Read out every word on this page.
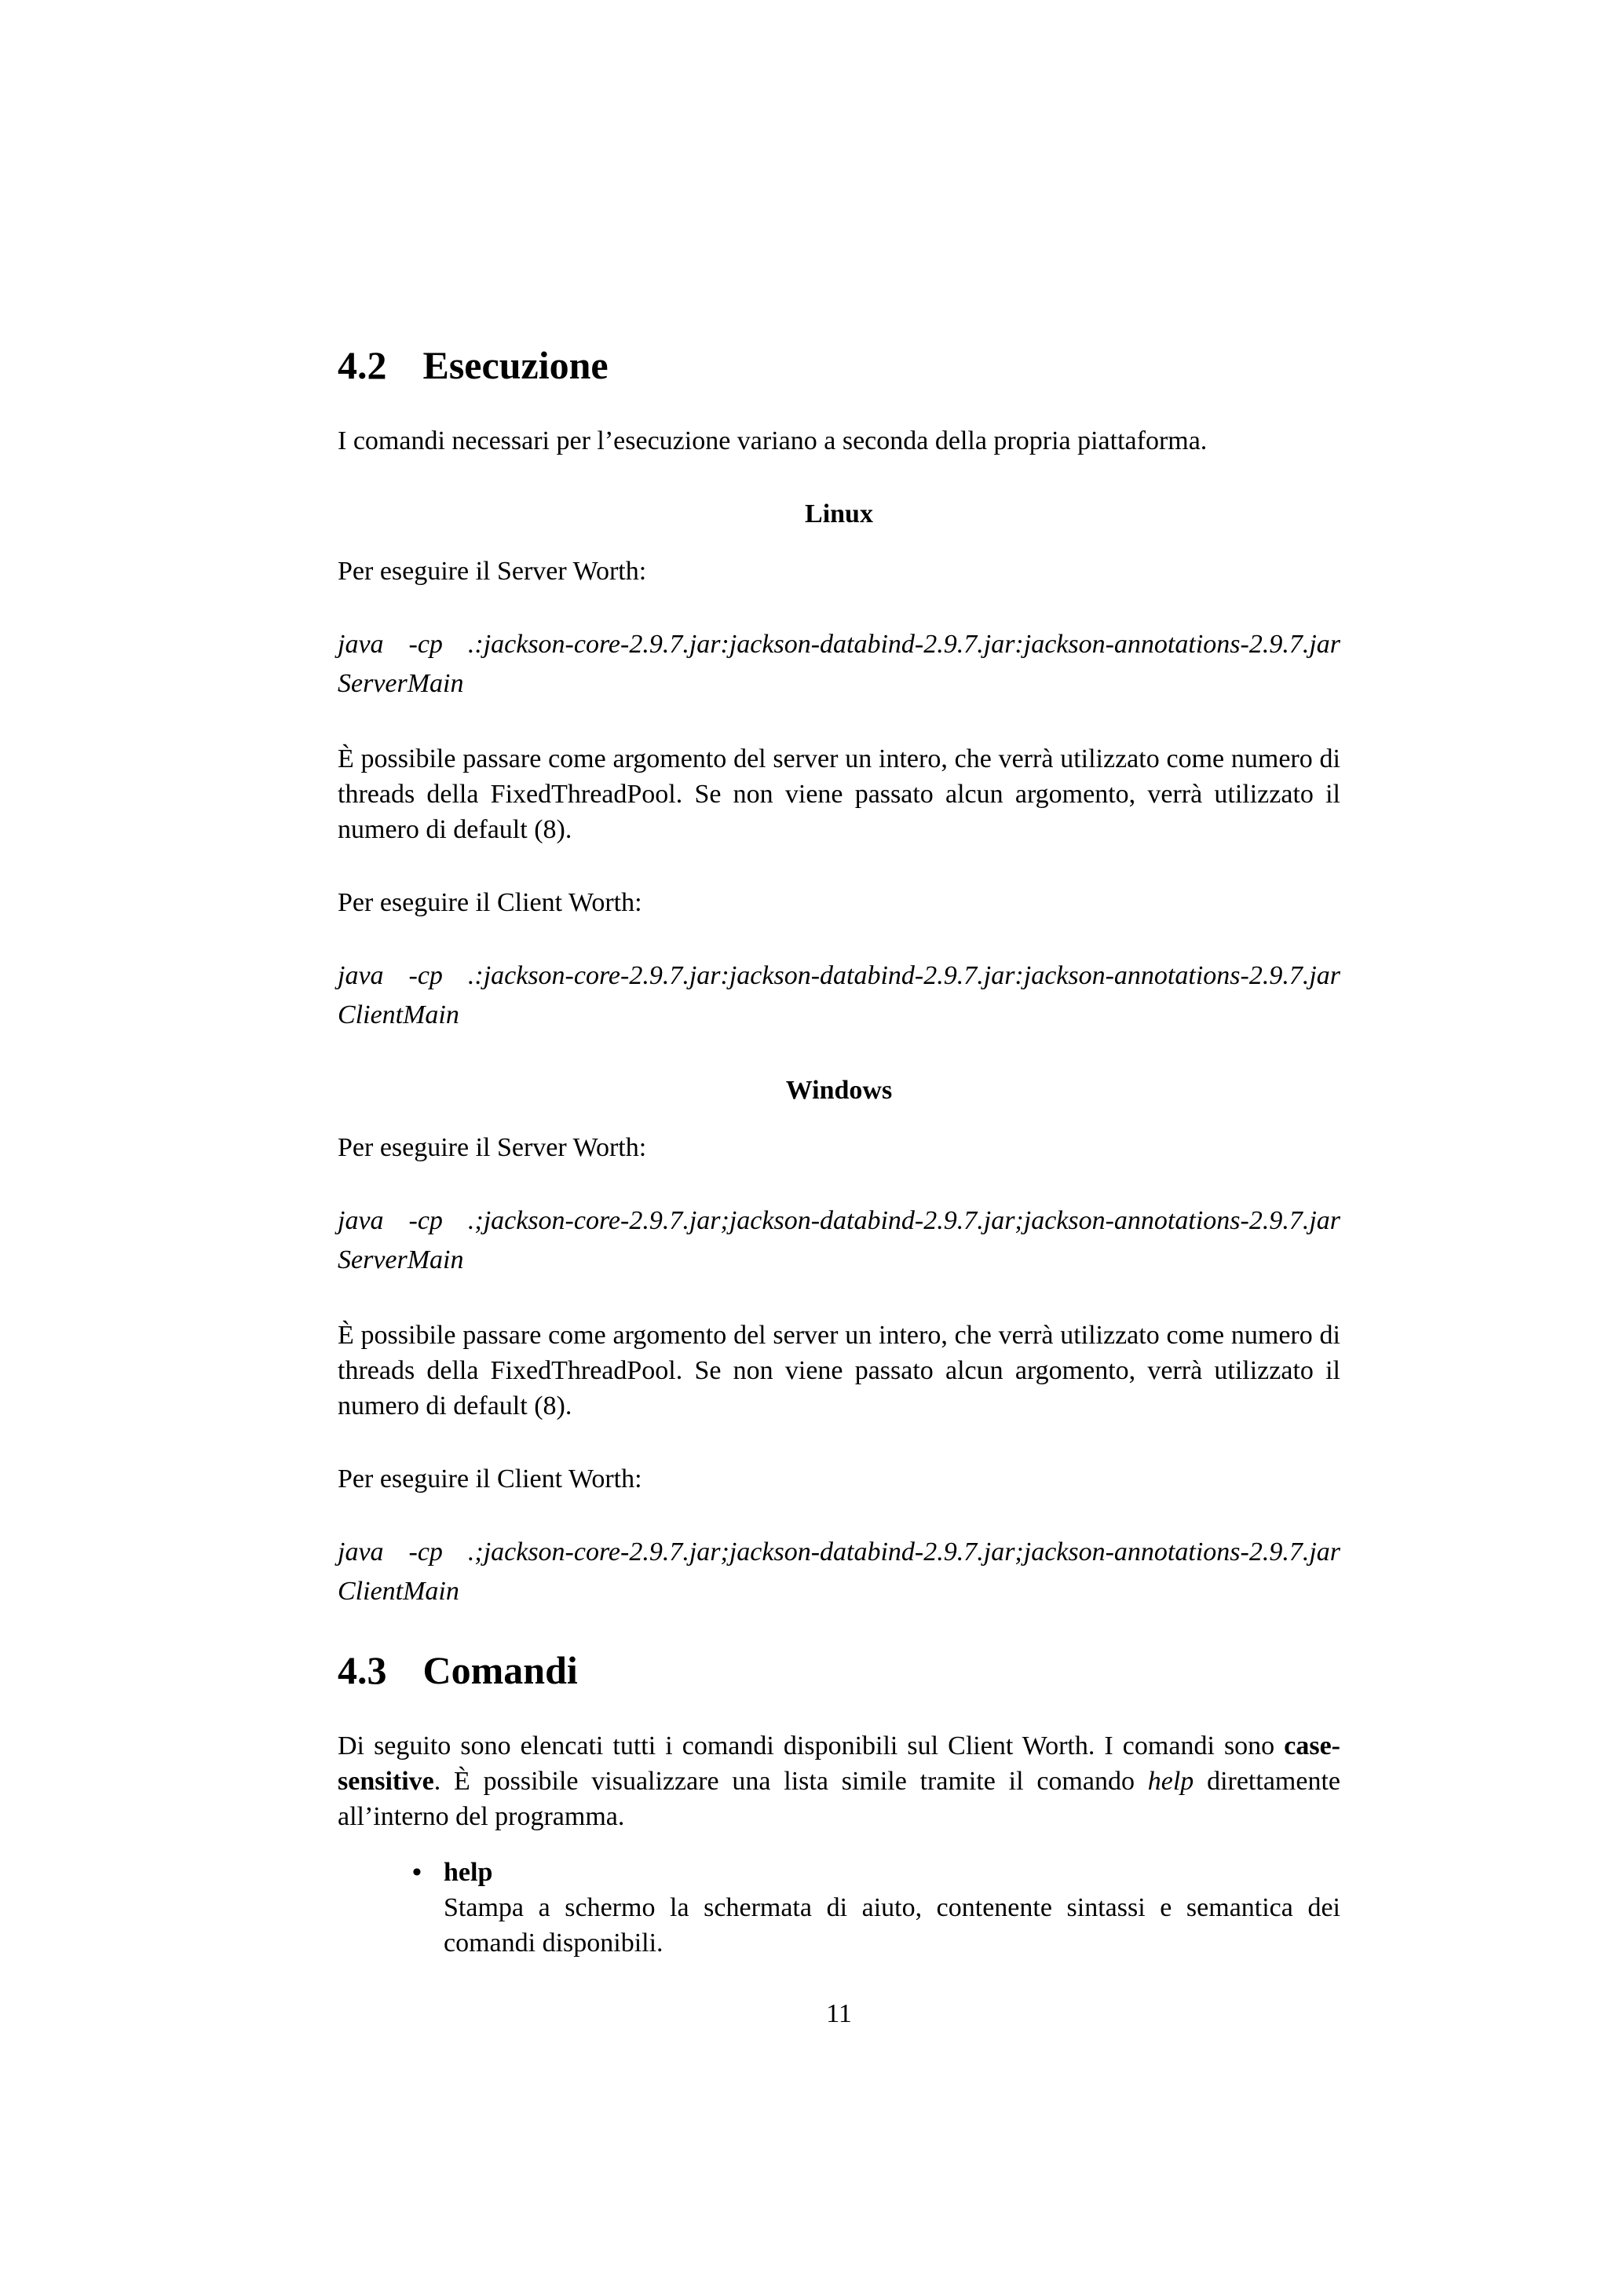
4.2 Esecuzione

I comandi necessari per l’esecuzione variano a seconda della propria piattaforma.

Linux

Per eseguire il Server Worth:

java -cp .:jackson-core-2.9.7.jar:jackson-databind-2.9.7.jar:jackson-annotations-2.9.7.jar ServerMain

È possibile passare come argomento del server un intero, che verrà utilizzato come numero di threads della FixedThreadPool. Se non viene passato alcun argomento, verrà utilizzato il numero di default (8).

Per eseguire il Client Worth:

java -cp .:jackson-core-2.9.7.jar:jackson-databind-2.9.7.jar:jackson-annotations-2.9.7.jar ClientMain

Windows

Per eseguire il Server Worth:

java -cp .;jackson-core-2.9.7.jar;jackson-databind-2.9.7.jar;jackson-annotations-2.9.7.jar ServerMain

È possibile passare come argomento del server un intero, che verrà utilizzato come numero di threads della FixedThreadPool. Se non viene passato alcun argomento, verrà utilizzato il numero di default (8).

Per eseguire il Client Worth:

java -cp .;jackson-core-2.9.7.jar;jackson-databind-2.9.7.jar;jackson-annotations-2.9.7.jar ClientMain

4.3 Comandi

Di seguito sono elencati tutti i comandi disponibili sul Client Worth. I comandi sono case-sensitive. È possibile visualizzare una lista simile tramite il comando help direttamente all’interno del programma.

• help
Stampa a schermo la schermata di aiuto, contenente sintassi e semantica dei comandi disponibili.
11
